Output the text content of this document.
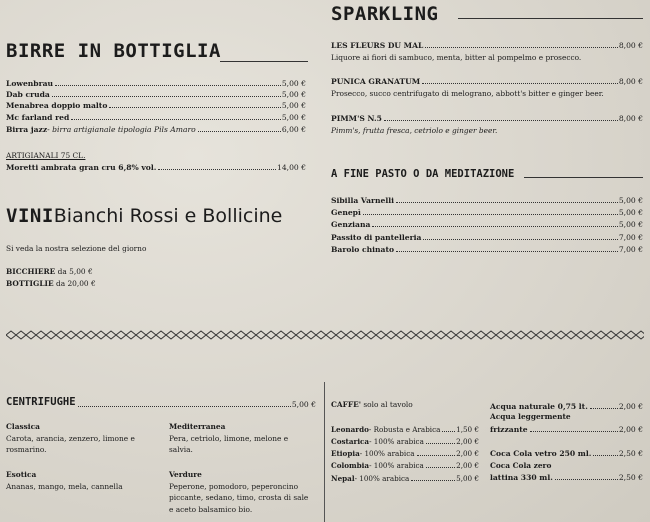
BIRRE IN BOTTIGLIA
Lowenbrau	5,00 €
Dab cruda	5,00 €
Menabrea doppio malto	5,00 €
Mc farland red	5,00 €
Birra jazz - birra artigianale tipologia Pils Amaro	6,00 €
ARTIGIANALI 75 CL.
Moretti ambrata gran cru 6,8% vol.	14,00 €
VINIBianchi Rossi e Bollicine
Si veda la nostra selezione del giorno
BICCHIERE da 5,00 €
BOTTIGLIE da 20,00 €
SPARKLING
LES FLEURS DU MAL	8,00 €
Liquore ai fiori di sambuco, menta, bitter al pompelmo e prosecco.
PUNICA GRANATUM	8,00 €
Prosecco, succo centrifugato di melograno, abbott's bitter e ginger beer.
PIMM'S N.5	8,00 €
Pimm's, frutta fresca, cetriolo e ginger beer.
A FINE PASTO O DA MEDITAZIONE
Sibilla Varnelli	5,00 €
Genepì	5,00 €
Genziana	5,00 €
Passito di pantelleria	7,00 €
Barolo chinato	7,00 €
CENTRIFUGHE	5,00 €
Classica
Carota, arancia, zenzero, limone e
rosmarino.
Mediterranea
Pera, cetriolo, limone, melone e
salvia.
Esotica
Ananas, mango, mela, cannella
Verdure
Peperone, pomodoro, peperoncino
piccante, sedano, timo, crosta di sale
e aceto balsamico bio.
CAFFE' solo al tavolo
Leonardo - Robusta e Arabica 1,50 €
Costarica - 100% arabica	2,00 €
Etiopia - 100% arabica	2,00 €
Colombia - 100% arabica	2,00 €
Nepal - 100% arabica	5,00 €
Acqua naturale 0,75 lt.	2,00 €
Acqua leggermente
frizzante	2,00 €
Coca Cola vetro 250 ml.	2,50 €
Coca Cola zero
lattina 330 ml.	2,50 €
